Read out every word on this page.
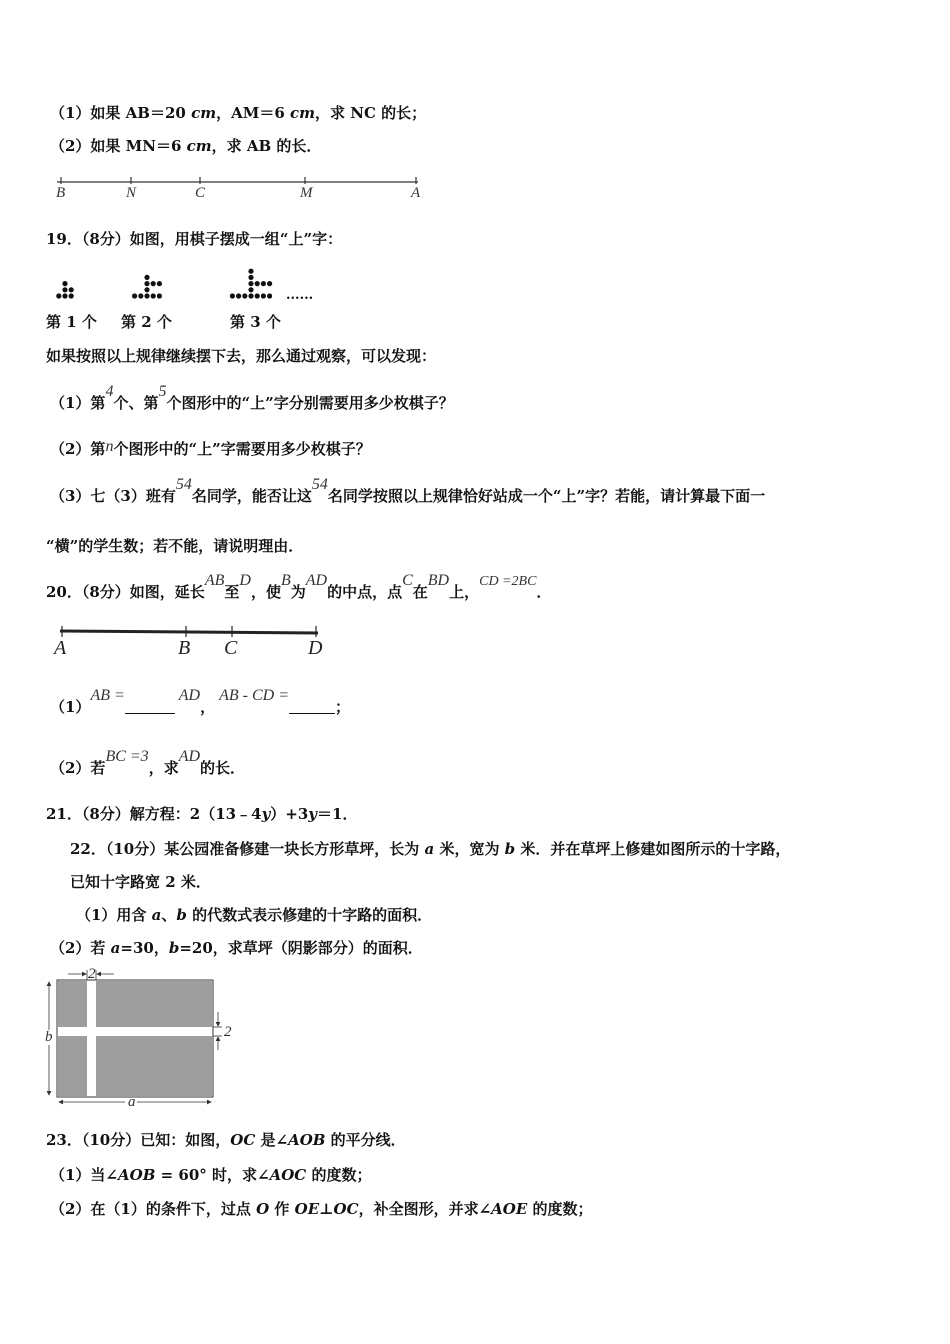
（1）如果 AB＝20 cm，AM＝6 cm，求 NC 的长；
（2）如果 MN＝6 cm，求 AB 的长．
B	N	C	M	A
19．（8分）如图，用棋子摆成一组“上”字：
......
第 1 个 第 2 个	第 3 个
如果按照以上规律继续摆下去，那么通过观察，可以发现：
（1）第4个、第5个图形中的“上”字分别需要用多少枚棋子？
（2）第n个图形中的“上”字需要用多少枚棋子？
（3）七（3）班有54名同学，能否让这54名同学按照以上规律恰好站成一个“上”字？若能，请计算最下面一
“横”的学生数；若不能，请说明理由．
20．（8分）如图，延长AB至D，使B为AD的中点，点C在BD上，CD =2BC．
A	B C	D
（1）AB =	AD，AB - CD =；
（2）若BC =3，求AD的长．
21．（8分）解方程：2（13﹣4y）+3y＝1．
22．（10分）某公园准备修建一块长方形草坪，长为 a 米，宽为 b 米．并在草坪上修建如图所示的十字路，
已知十字路宽 2 米．
（1）用含 a、b 的代数式表示修建的十字路的面积．
（2）若 a=30，b=20，求草坪（阴影部分）的面积．
2
2
b
a
23．（10分）已知：如图，OC 是∠AOB 的平分线．
（1）当∠AOB = 60° 时，求∠AOC 的度数；
（2）在（1）的条件下，过点 O 作 OE⊥OC，补全图形，并求∠AOE 的度数；
